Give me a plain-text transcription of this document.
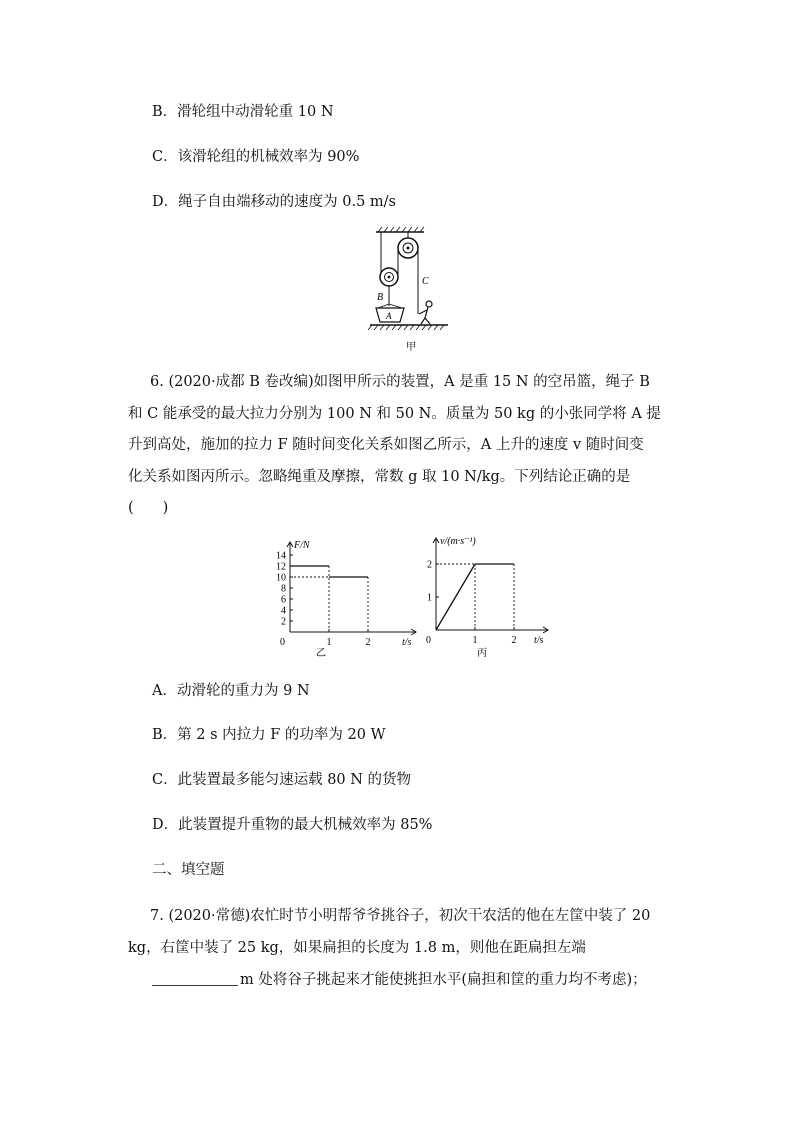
B．滑轮组中动滑轮重 10 N
C．该滑轮组的机械效率为 90%
D．绳子自由端移动的速度为 0.5 m/s
B
A
C
甲
6. (2020·成都 B 卷改编)如图甲所示的装置，A 是重 15 N 的空吊篮，绳子 B
和 C 能承受的最大拉力分别为 100 N 和 50 N。质量为 50 kg 的小张同学将 A 提
升到高处，施加的拉力 F 随时间变化关系如图乙所示，A 上升的速度 v 随时间变
化关系如图丙所示。忽略绳重及摩擦，常数 g 取 10 N/kg。下列结论正确的是
(　　)
2
4
6
8
10
12
14
1	2
0
F/N
t/s
乙
1
2
1	2
0
v/(m·s⁻¹)
t/s
丙
A．动滑轮的重力为 9 N
B．第 2 s 内拉力 F 的功率为 20 W
C．此装置最多能匀速运载 80 N 的货物
D．此装置提升重物的最大机械效率为 85%
二、填空题
7. (2020·常德)农忙时节小明帮爷爷挑谷子，初次干农活的他在左筐中装了 20
kg，右筐中装了 25 kg，如果扁担的长度为 1.8 m，则他在距扁担左端
m 处将谷子挑起来才能使挑担水平(扁担和筐的重力均不考虑)；
